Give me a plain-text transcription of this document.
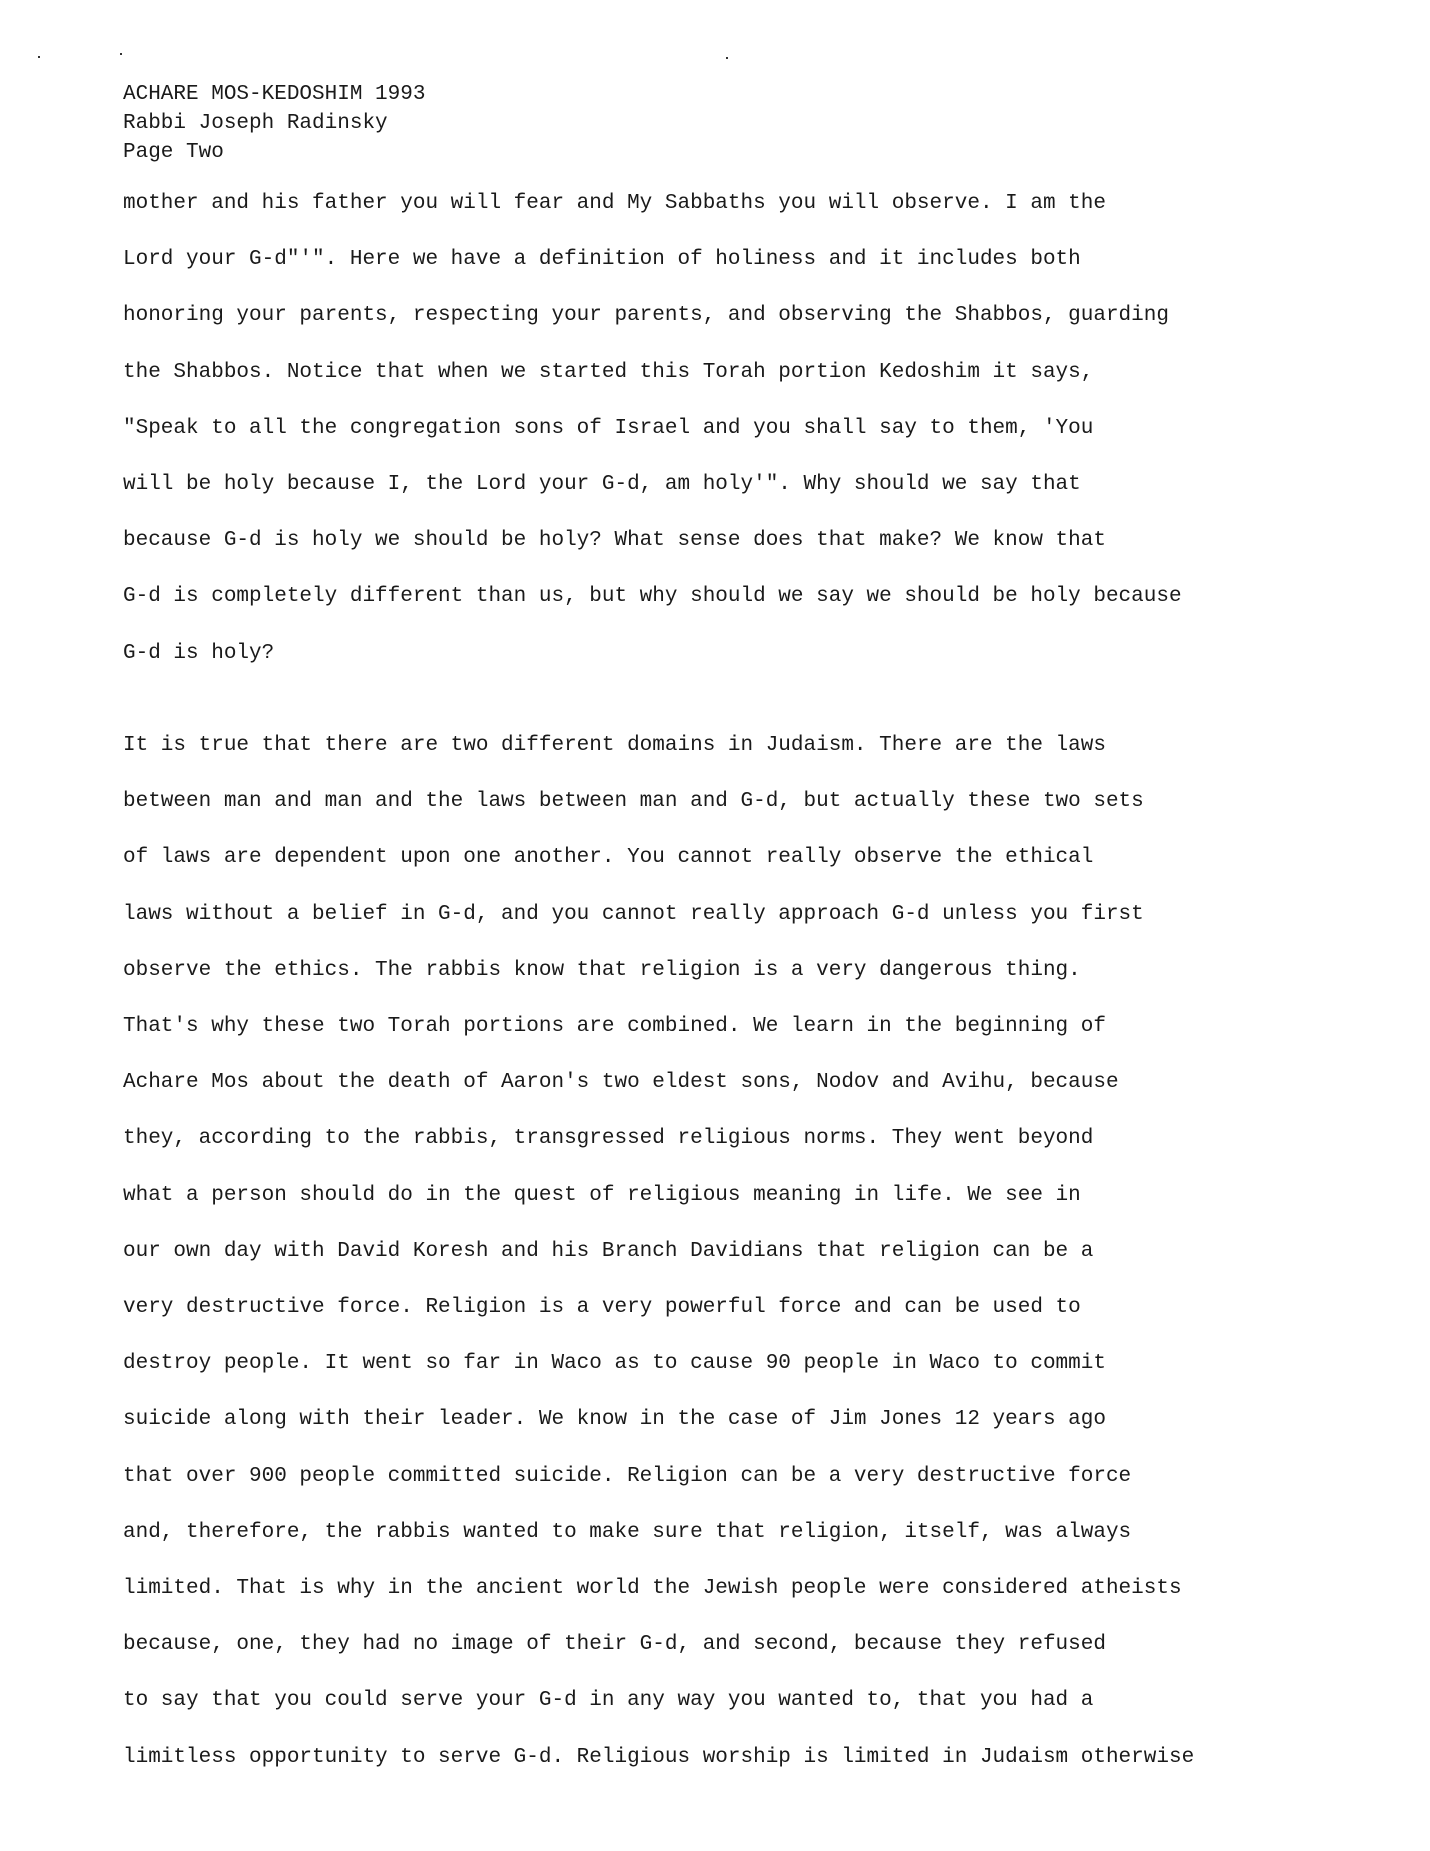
ACHARE MOS-KEDOSHIM 1993
Rabbi Joseph Radinsky
Page Two
mother and his father you will fear and My Sabbaths you will observe. I am the
Lord your G-d"'". Here we have a definition of holiness and it includes both
honoring your parents, respecting your parents, and observing the Shabbos, guarding
the Shabbos. Notice that when we started this Torah portion Kedoshim it says,
"Speak to all the congregation sons of Israel and you shall say to them, 'You
will be holy because I, the Lord your G-d, am holy'". Why should we say that
because G-d is holy we should be holy? What sense does that make? We know that
G-d is completely different than us, but why should we say we should be holy because
G-d is holy?
It is true that there are two different domains in Judaism. There are the laws
between man and man and the laws between man and G-d, but actually these two sets
of laws are dependent upon one another. You cannot really observe the ethical
laws without a belief in G-d, and you cannot really approach G-d unless you first
observe the ethics. The rabbis know that religion is a very dangerous thing.
That's why these two Torah portions are combined. We learn in the beginning of
Achare Mos about the death of Aaron's two eldest sons, Nodov and Avihu, because
they, according to the rabbis, transgressed religious norms. They went beyond
what a person should do in the quest of religious meaning in life. We see in
our own day with David Koresh and his Branch Davidians that religion can be a
very destructive force. Religion is a very powerful force and can be used to
destroy people. It went so far in Waco as to cause 90 people in Waco to commit
suicide along with their leader. We know in the case of Jim Jones 12 years ago
that over 900 people committed suicide. Religion can be a very destructive force
and, therefore, the rabbis wanted to make sure that religion, itself, was always
limited. That is why in the ancient world the Jewish people were considered atheists
because, one, they had no image of their G-d, and second, because they refused
to say that you could serve your G-d in any way you wanted to, that you had a
limitless opportunity to serve G-d. Religious worship is limited in Judaism otherwise
